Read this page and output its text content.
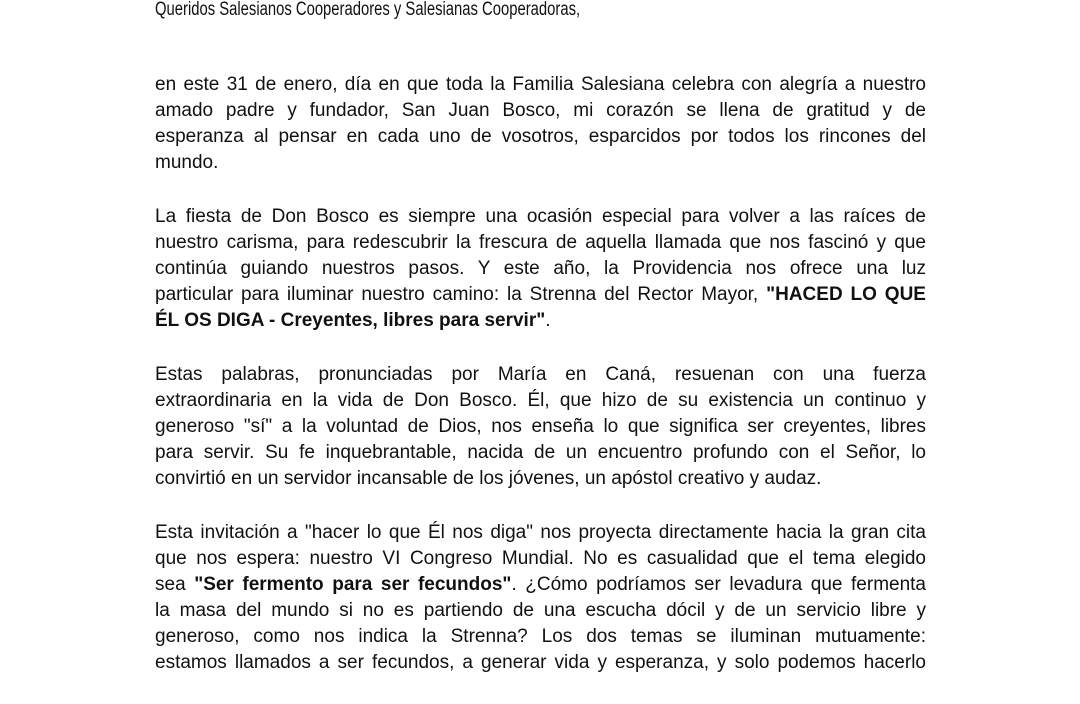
Queridos Salesianos Cooperadores y Salesianas Cooperadoras,
en este 31 de enero, día en que toda la Familia Salesiana celebra con alegría a nuestro
amado padre y fundador, San Juan Bosco, mi corazón se llena de gratitud y de
esperanza al pensar en cada uno de vosotros, esparcidos por todos los rincones del
mundo.
La fiesta de Don Bosco es siempre una ocasión especial para volver a las raíces de
nuestro carisma, para redescubrir la frescura de aquella llamada que nos fascinó y que
continúa guiando nuestros pasos. Y este año, la Providencia nos ofrece una luz
particular para iluminar nuestro camino: la Strenna del Rector Mayor, "HACED LO QUE
ÉL OS DIGA - Creyentes, libres para servir".
Estas palabras, pronunciadas por María en Caná, resuenan con una fuerza
extraordinaria en la vida de Don Bosco. Él, que hizo de su existencia un continuo y
generoso "sí" a la voluntad de Dios, nos enseña lo que significa ser creyentes, libres
para servir. Su fe inquebrantable, nacida de un encuentro profundo con el Señor, lo
convirtió en un servidor incansable de los jóvenes, un apóstol creativo y audaz.
Esta invitación a "hacer lo que Él nos diga" nos proyecta directamente hacia la gran cita
que nos espera: nuestro VI Congreso Mundial. No es casualidad que el tema elegido
sea "Ser fermento para ser fecundos". ¿Cómo podríamos ser levadura que fermenta
la masa del mundo si no es partiendo de una escucha dócil y de un servicio libre y
generoso, como nos indica la Strenna? Los dos temas se iluminan mutuamente:
estamos llamados a ser fecundos, a generar vida y esperanza, y solo podemos hacerlo
